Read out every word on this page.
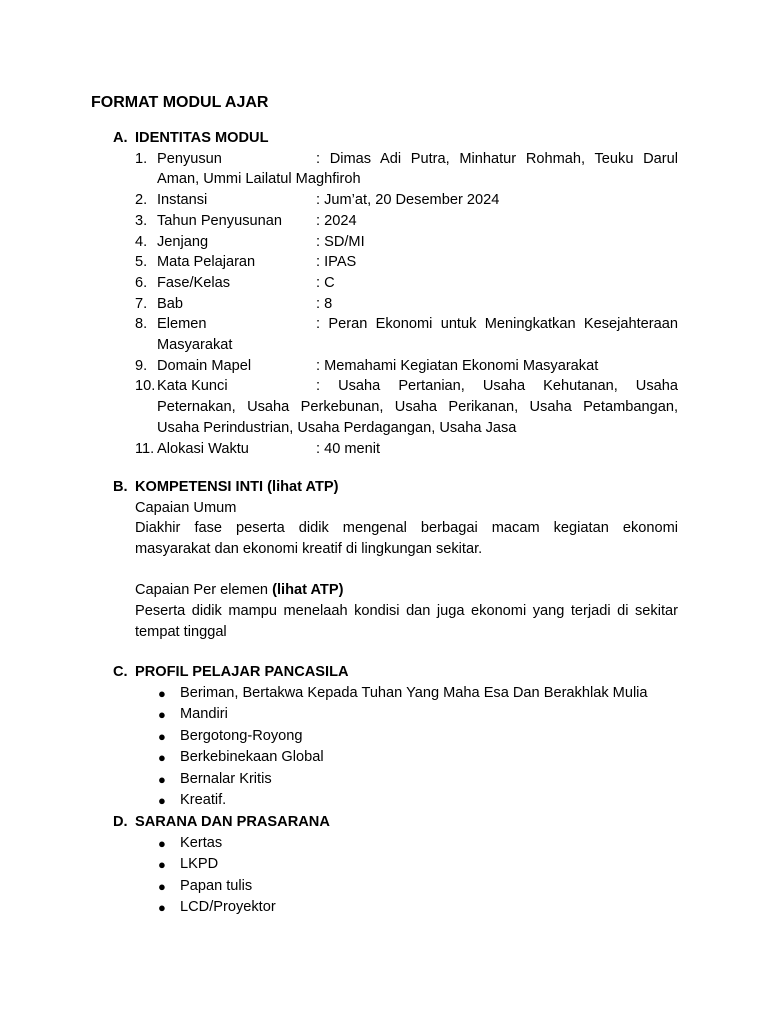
FORMAT MODUL AJAR
A. IDENTITAS MODUL
1. Penyusun	: Dimas Adi Putra, Minhatur Rohmah, Teuku Darul
Aman, Ummi Lailatul Maghfiroh
2. Instansi	: Jum’at, 20 Desember 2024
3. Tahun Penyusunan	: 2024
4. Jenjang	: SD/MI
5. Mata Pelajaran	: IPAS
6. Fase/Kelas	: C
7. Bab	: 8
8. Elemen	: Peran Ekonomi untuk Meningkatkan Kesejahteraan
Masyarakat
9. Domain Mapel	: Memahami Kegiatan Ekonomi Masyarakat
10. Kata Kunci	:   Usaha   Pertanian,   Usaha   Kehutanan,   Usaha
Peternakan, Usaha Perkebunan, Usaha Perikanan, Usaha Petambangan,
Usaha Perindustrian, Usaha Perdagangan, Usaha Jasa
11. Alokasi Waktu	: 40 menit
B. KOMPETENSI INTI (lihat ATP)

Capaian Umum

Diakhir fase peserta didik mengenal berbagai macam kegiatan ekonomi

masyarakat dan ekonomi kreatif di lingkungan sekitar.

Capaian Per elemen (lihat ATP)

Peserta didik mampu menelaah kondisi dan juga ekonomi yang terjadi di sekitar

tempat tinggal

C. PROFIL PELAJAR PANCASILA
● Beriman, Bertakwa Kepada Tuhan Yang Maha Esa Dan Berakhlak Mulia
● Mandiri
● Bergotong-Royong
● Berkebinekaan Global
● Bernalar Kritis
● Kreatif.
D. SARANA DAN PRASARANA
● Kertas
● LKPD
● Papan tulis
● LCD/Proyektor
